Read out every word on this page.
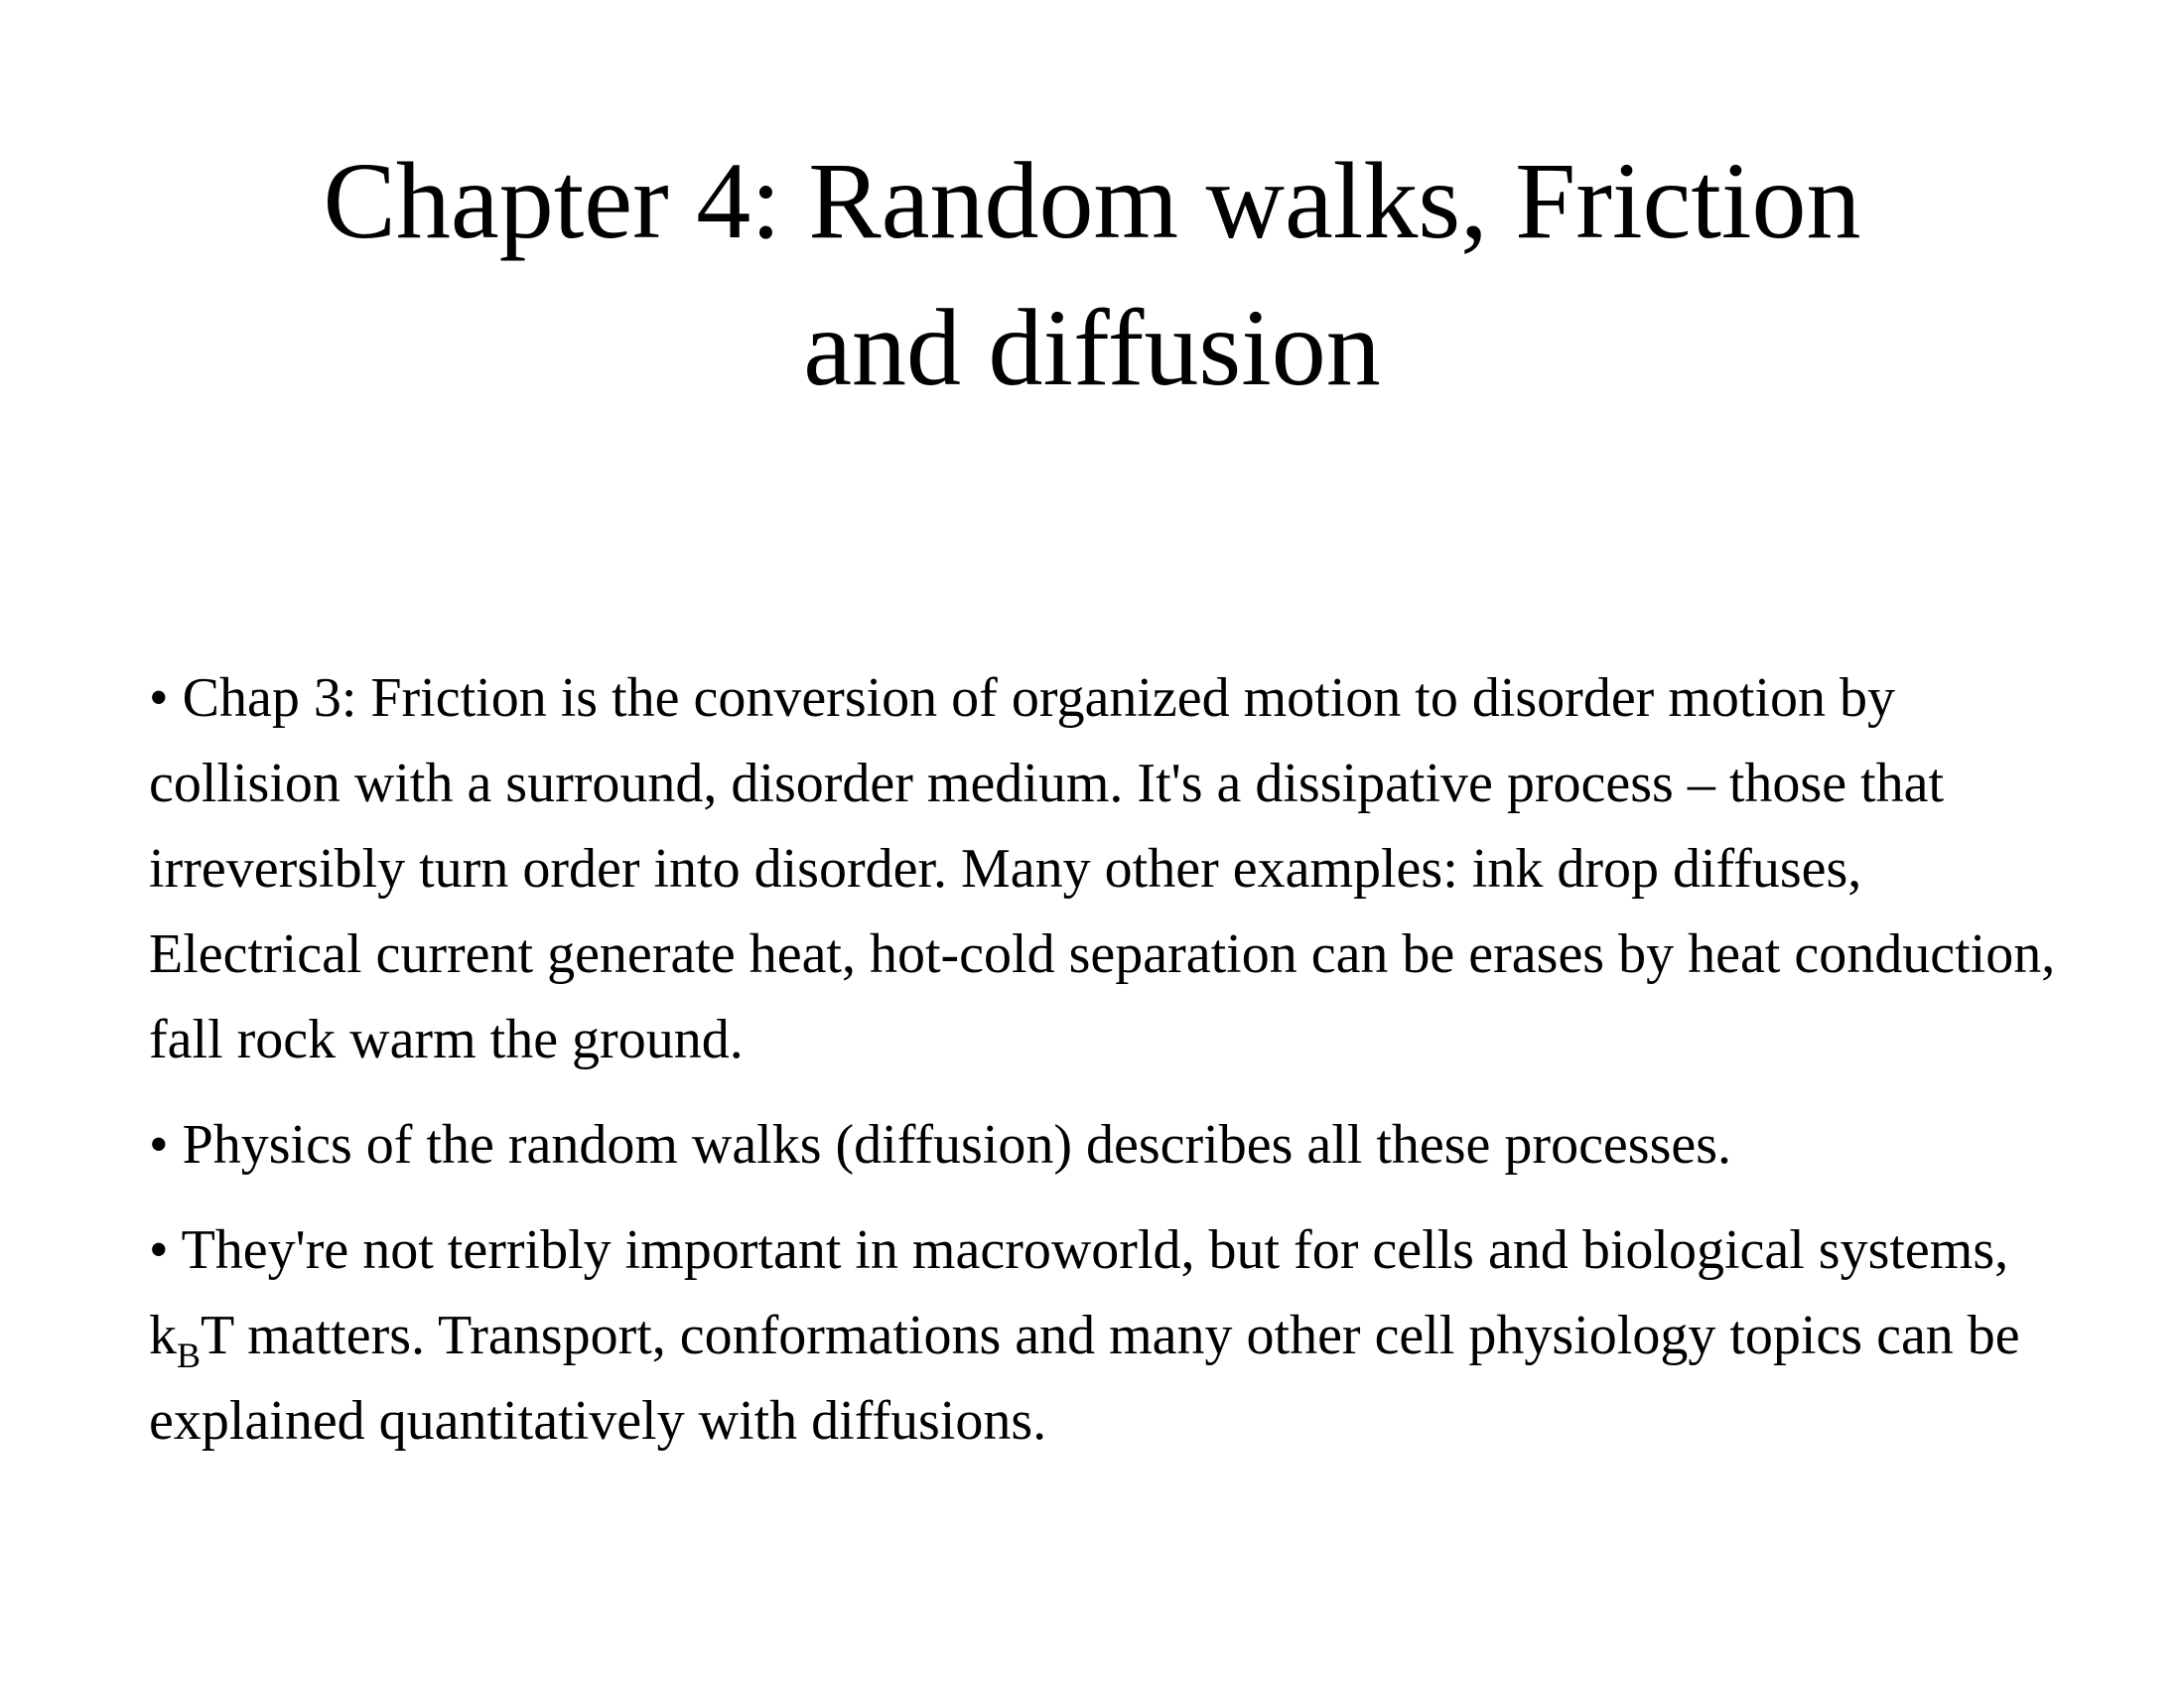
Chapter 4: Random walks, Friction
and diffusion

• Chap 3: Friction is the conversion of organized motion to disorder motion by collision with a surround, disorder medium. It's a dissipative process – those that irreversibly turn order into disorder. Many other examples: ink drop diffuses, Electrical current generate heat, hot-cold separation can be erases by heat conduction, fall rock warm the ground.

• Physics of the random walks (diffusion) describes all these processes.

• They're not terribly important in macroworld, but for cells and biological systems, $k_BT$ matters. Transport, conformations and many other cell physiology topics can be explained quantitatively with diffusions.
